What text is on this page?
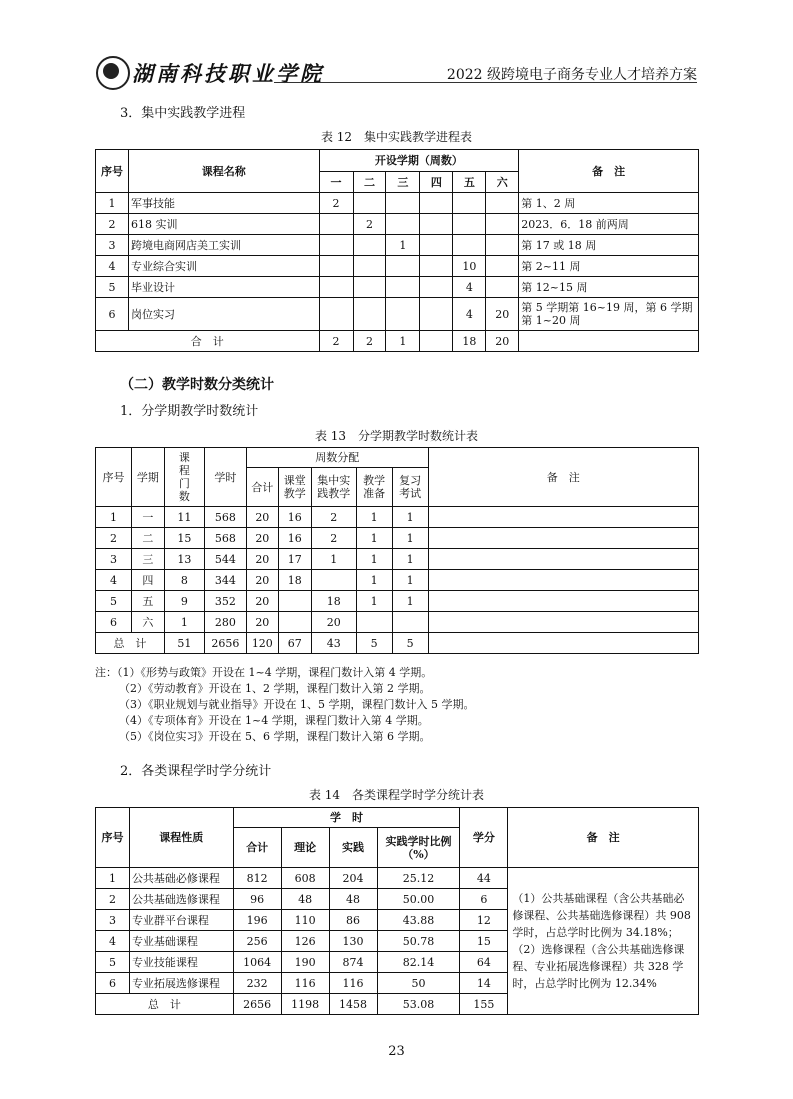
湖南科技职业学院	2022 级跨境电子商务专业人才培养方案
3．集中实践教学进程
表 12　集中实践教学进程表
序号	课程名称	开设学期（周数）						备　注
		一	二	三	四	五	六	
1	军事技能	2						第 1、2 周
2	618 实训		2					2023．6．18 前两周
3	跨境电商网店美工实训			1				第 17 或 18 周
4	专业综合实训					10		第 2~11 周
5	毕业设计					4		第 12~15 周
6	岗位实习					4	20	第 5 学期第 16~19 周，第 6 学期第 1~20 周
合　计		2	2	1		18	20	
（二）教学时数分类统计
1．分学期教学时数统计
表 13　分学期教学时数统计表
序号	学期	课程门数	学时	周数分配					备　注
				合计	课堂教学	集中实践教学	教学准备	复习考试	
1	一	11	568	20	16	2	1	1	
2	二	15	568	20	16	2	1	1	
3	三	13	544	20	17	1	1	1	
4	四	8	344	20	18		1	1	
5	五	9	352	20		18	1	1	
6	六	1	280	20		20			
总　计		51	2656	120	67	43	5	5	
注：（1）《形势与政策》开设在 1~4 学期，课程门数计入第 4 学期。
（2）《劳动教育》开设在 1、2 学期，课程门数计入第 2 学期。
（3）《职业规划与就业指导》开设在 1、5 学期，课程门数计入 5 学期。
（4）《专项体育》开设在 1~4 学期，课程门数计入第 4 学期。
（5）《岗位实习》开设在 5、6 学期，课程门数计入第 6 学期。
2．各类课程学时学分统计
表 14　各类课程学时学分统计表
序号	课程性质	学　时				学分	备　注
		合计	理论	实践	实践学时比例（%）		
1	公共基础必修课程	812	608	204	25.12	44	（1）公共基础课程（含公共基础必修课程、公共基础选修课程）共 908 学时，占总学时比例为 34.18%；（2）选修课程（含公共基础选修课程、专业拓展选修课程）共 328 学时，占总学时比例为 12.34%
2	公共基础选修课程	96	48	48	50.00	6	
3	专业群平台课程	196	110	86	43.88	12	
4	专业基础课程	256	126	130	50.78	15	
5	专业技能课程	1064	190	874	82.14	64	
6	专业拓展选修课程	232	116	116	50	14	
总　计		2656	1198	1458	53.08	155	
23
